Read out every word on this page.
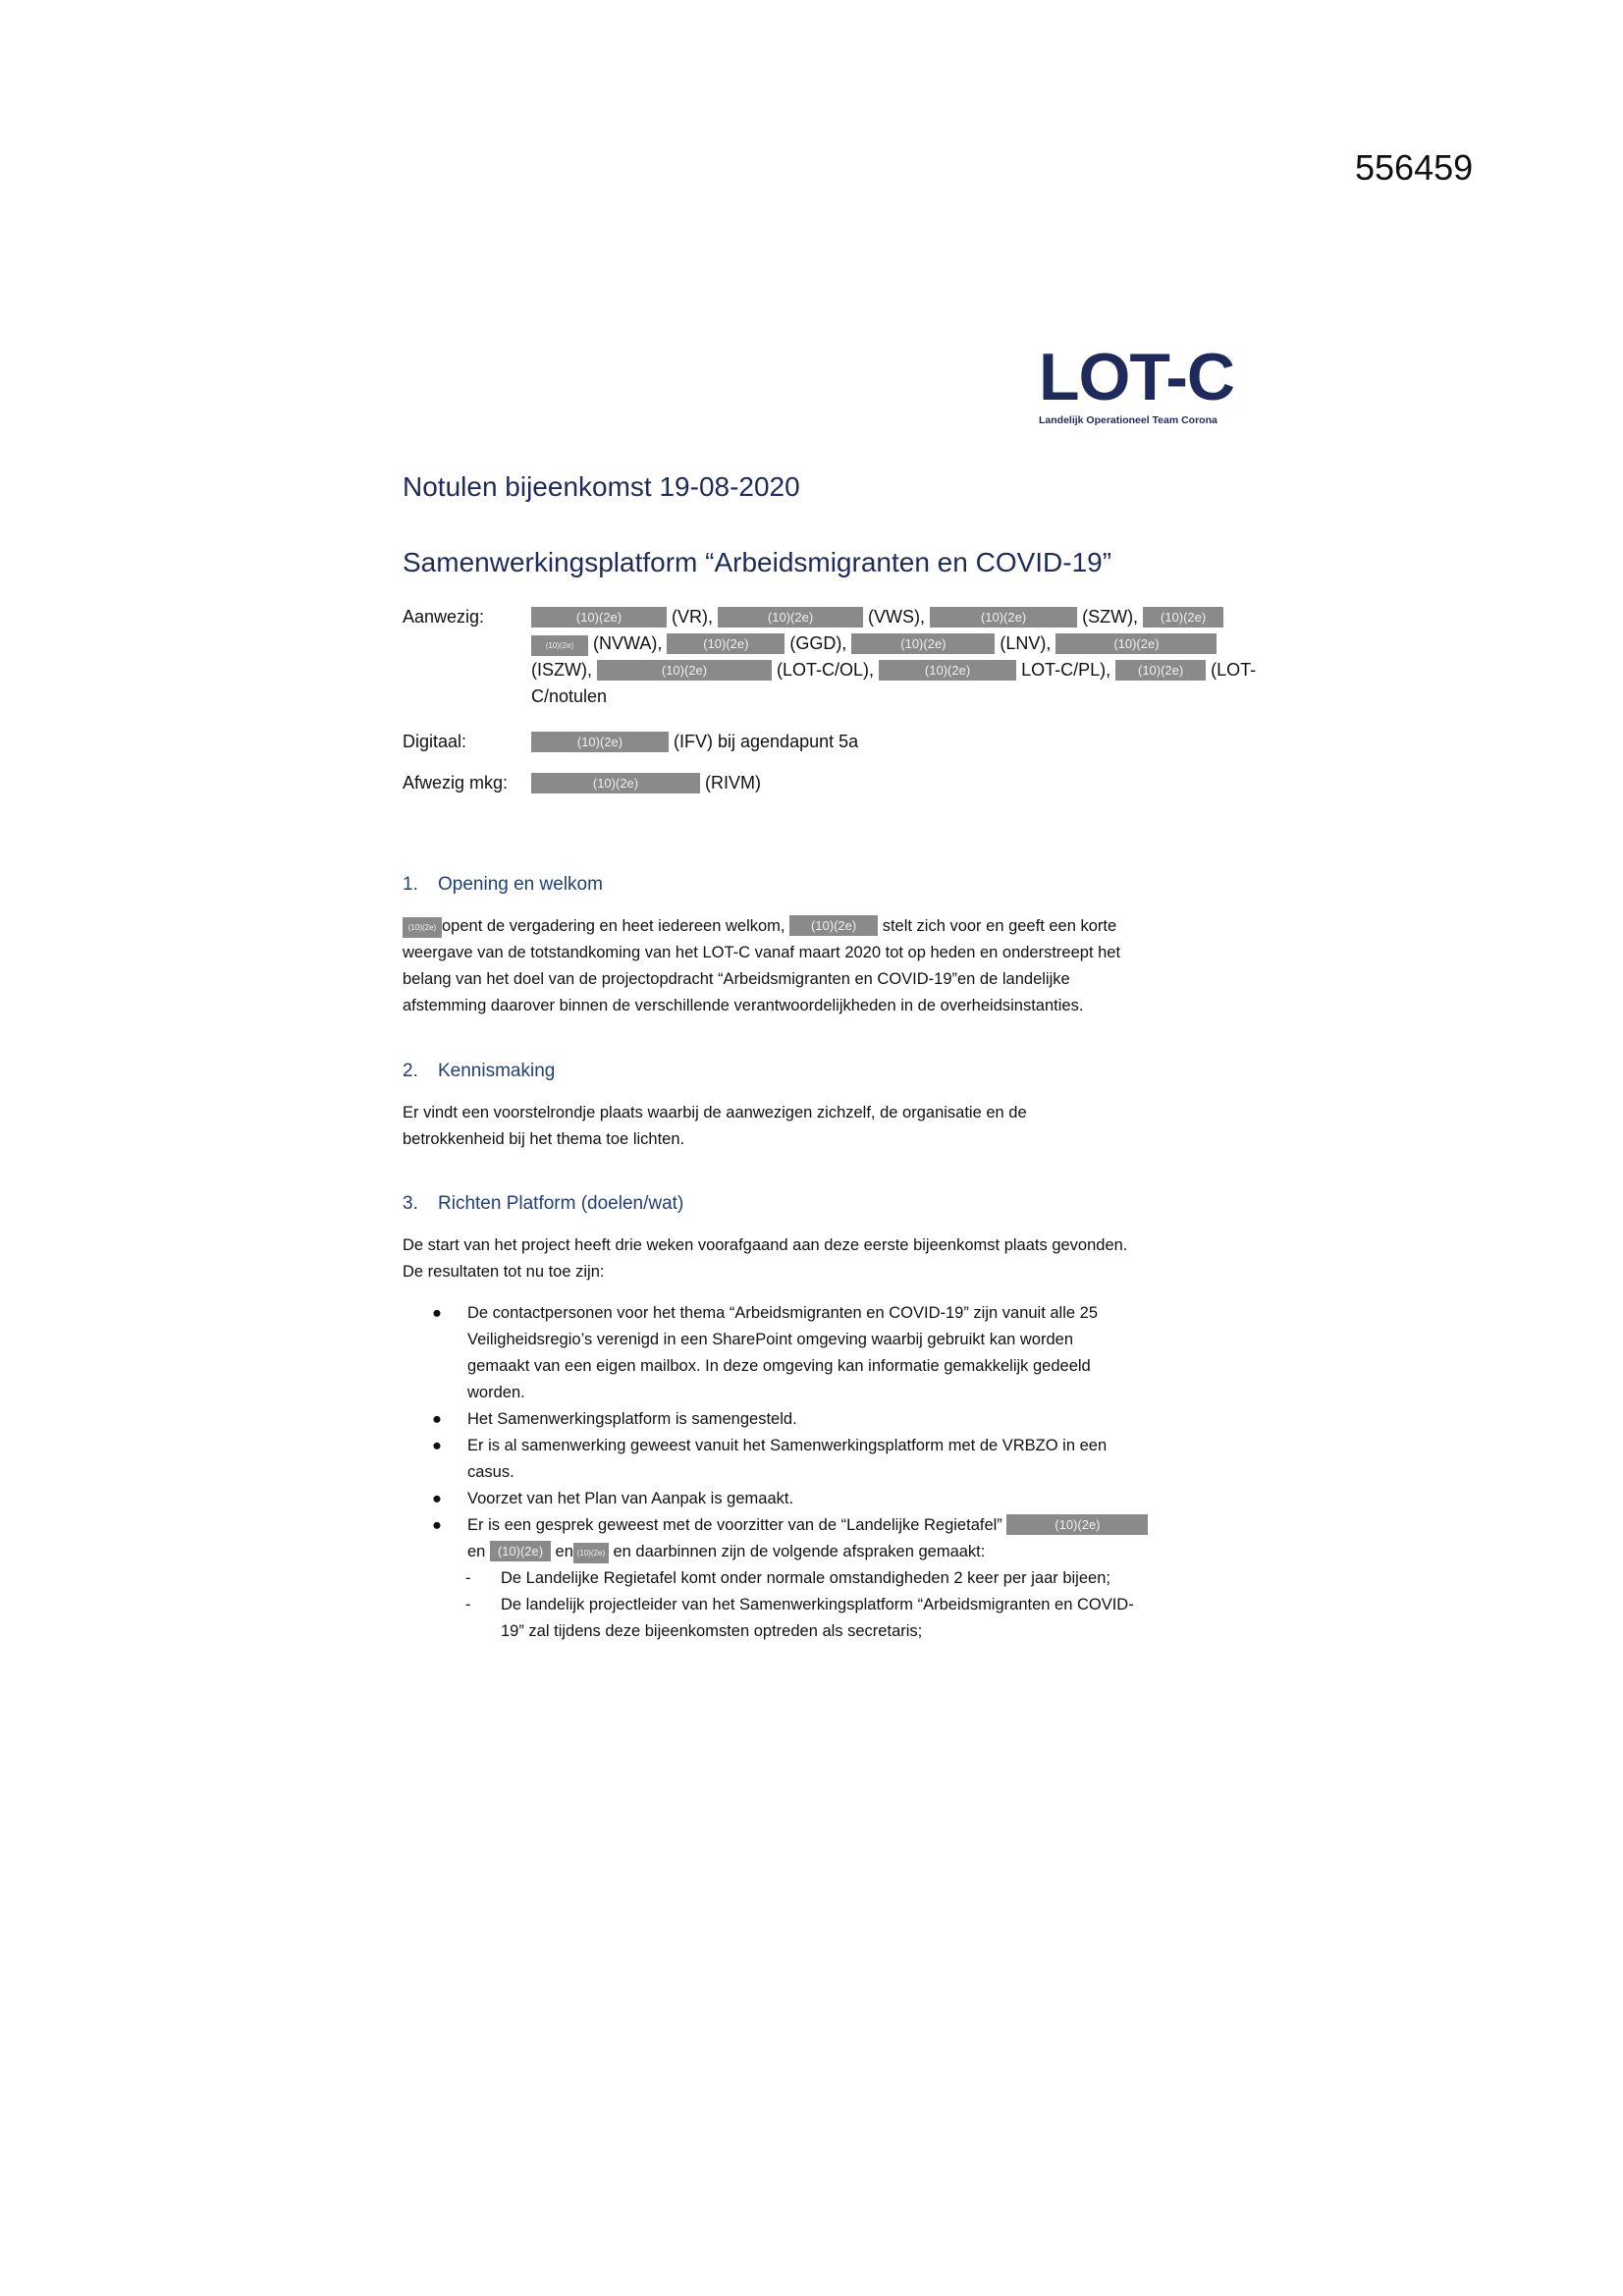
556459
LOT-C
Landelijk Operationeel Team Corona
Notulen bijeenkomst 19-08-2020
Samenwerkingsplatform “Arbeidsmigranten en COVID-19”
Aanwezig:	(10)(2e)	(VR),	(10)(2e)	(VWS),	(10)(2e)	(SZW), (10)(2e)
(10)(2e) (NVWA),	(10)(2e) (GGD),	(10)(2e)	(LNV),	(10)(2e)
(ISZW),	(10)(2e)	(LOT-C/OL),	(10)(2e)	LOT-C/PL), (10)(2e) (LOT-
C/notulen
Digitaal:	(10)(2e)	(IFV) bij agendapunt 5a
Afwezig mkg:	(10)(2e)	(RIVM)
1. Opening en welkom

(10)(2e) opent de vergadering en heet iedereen welkom, (10)(2e) stelt zich voor en geeft een korte

weergave van de totstandkoming van het LOT-C vanaf maart 2020 tot op heden en onderstreept het

belang van het doel van de projectopdracht “Arbeidsmigranten en COVID-19”en de landelijke

afstemming daarover binnen de verschillende verantwoordelijkheden in de overheidsinstanties.

2. Kennismaking

Er vindt een voorstelrondje plaats waarbij de aanwezigen zichzelf, de organisatie en de

betrokkenheid bij het thema toe lichten.

3. Richten Platform (doelen/wat)

De start van het project heeft drie weken voorafgaand aan deze eerste bijeenkomst plaats gevonden.

De resultaten tot nu toe zijn:

● De contactpersonen voor het thema “Arbeidsmigranten en COVID-19” zijn vanuit alle 25
Veiligheidsregio’s verenigd in een SharePoint omgeving waarbij gebruikt kan worden
gemaakt van een eigen mailbox. In deze omgeving kan informatie gemakkelijk gedeeld
worden.
● Het Samenwerkingsplatform is samengesteld.
● Er is al samenwerking geweest vanuit het Samenwerkingsplatform met de VRBZO in een
casus.
● Voorzet van het Plan van Aanpak is gemaakt.
● Er is een gesprek geweest met de voorzitter van de “Landelijke Regietafel”	(10)(2e)
en (10)(2e) en (10)(2e) en daarbinnen zijn de volgende afspraken gemaakt:
- De Landelijke Regietafel komt onder normale omstandigheden 2 keer per jaar bijeen;
- De landelijk projectleider van het Samenwerkingsplatform “Arbeidsmigranten en COVID-
19” zal tijdens deze bijeenkomsten optreden als secretaris;
